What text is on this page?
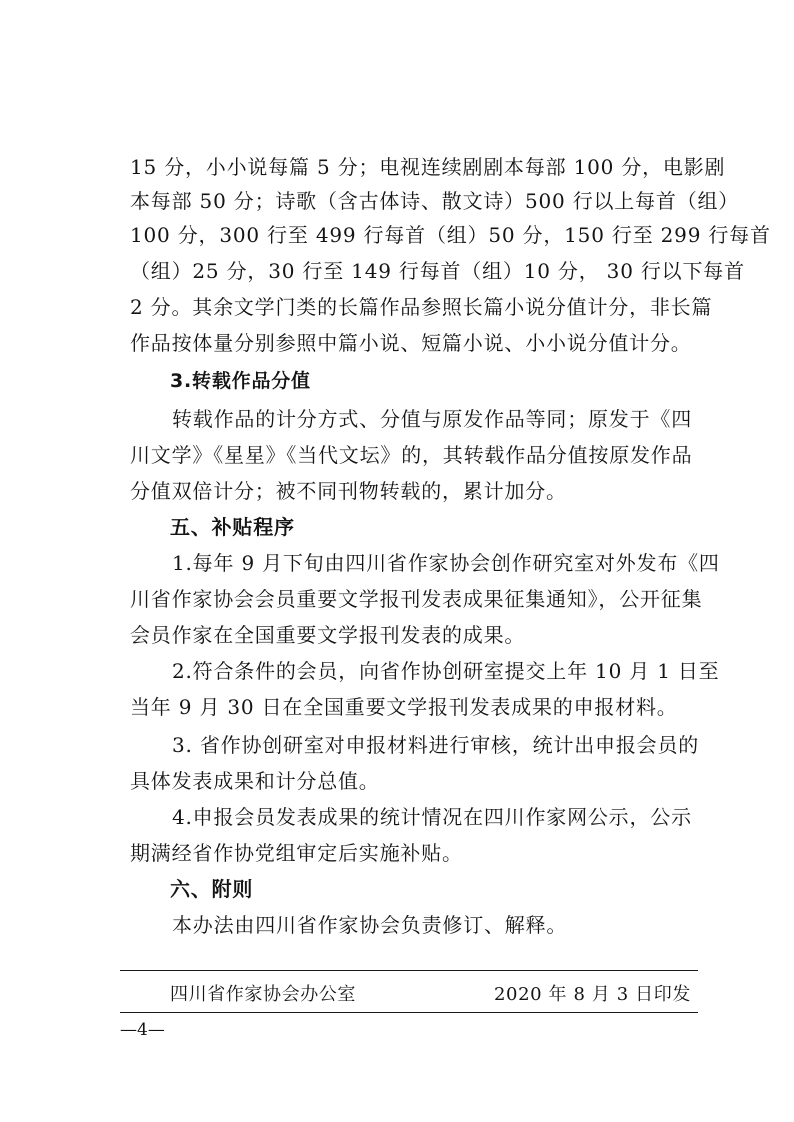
15 分，小小说每篇 5 分；电视连续剧剧本每部 100 分，电影剧
本每部 50 分；诗歌（含古体诗、散文诗）500 行以上每首（组）
100 分，300 行至 499 行每首（组）50 分，150 行至 299 行每首
（组）25 分，30 行至 149 行每首（组）10 分， 30 行以下每首
2 分。其余文学门类的长篇作品参照长篇小说分值计分，非长篇
作品按体量分别参照中篇小说、短篇小说、小小说分值计分。
3.转载作品分值
转载作品的计分方式、分值与原发作品等同；原发于《四
川文学》《星星》《当代文坛》的，其转载作品分值按原发作品
分值双倍计分；被不同刊物转载的，累计加分。
五、补贴程序
1.每年 9 月下旬由四川省作家协会创作研究室对外发布《四
川省作家协会会员重要文学报刊发表成果征集通知》，公开征集
会员作家在全国重要文学报刊发表的成果。
2.符合条件的会员，向省作协创研室提交上年 10 月 1 日至
当年 9 月 30 日在全国重要文学报刊发表成果的申报材料。
3. 省作协创研室对申报材料进行审核，统计出申报会员的
具体发表成果和计分总值。
4.申报会员发表成果的统计情况在四川作家网公示，公示
期满经省作协党组审定后实施补贴。
六、附则
本办法由四川省作家协会负责修订、解释。
四川省作家协会办公室	2020 年 8 月 3 日印发
—4—
